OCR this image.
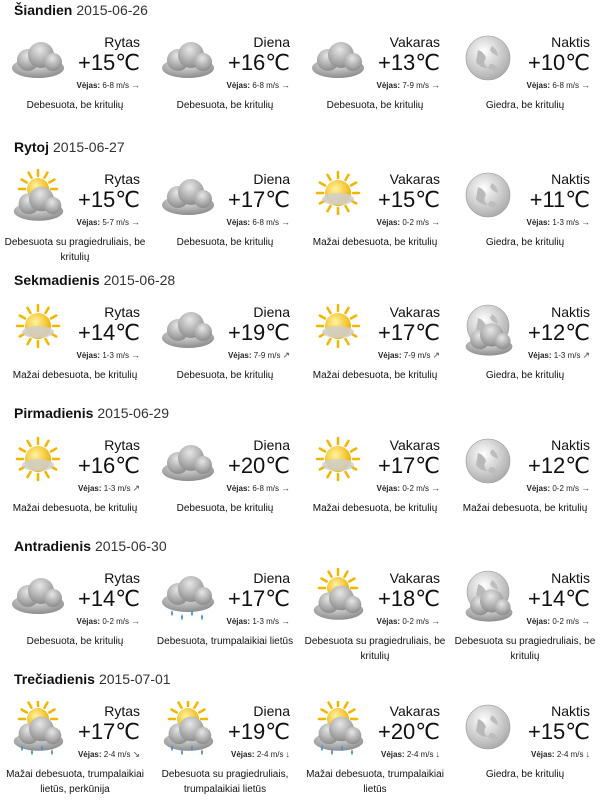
Šiandien 2015-06-26
Rytas
+15℃
Vėjas: 6-8 m/s →
Debesuota, be kritulių
Diena
+16℃
Vėjas: 6-8 m/s →
Debesuota, be kritulių
Vakaras
+13℃
Vėjas: 7-9 m/s →
Debesuota, be kritulių
Naktis
+10℃
Vėjas: 6-8 m/s →
Giedra, be kritulių
Rytoj 2015-06-27
Rytas
+15℃
Vėjas: 5-7 m/s →
Debesuota su pragiedruliais, be kritulių
Diena
+17℃
Vėjas: 6-8 m/s →
Debesuota, be kritulių
Vakaras
+15℃
Vėjas: 0-2 m/s →
Mažai debesuota, be kritulių
Naktis
+11℃
Vėjas: 1-3 m/s →
Giedra, be kritulių
Sekmadienis 2015-06-28
Rytas
+14℃
Vėjas: 1-3 m/s →
Mažai debesuota, be kritulių
Diena
+19℃
Vėjas: 7-9 m/s ↗
Debesuota, be kritulių
Vakaras
+17℃
Vėjas: 7-9 m/s ↗
Mažai debesuota, be kritulių
Naktis
+12℃
Vėjas: 1-3 m/s ↗
Giedra, be kritulių
Pirmadienis 2015-06-29
Rytas
+16℃
Vėjas: 1-3 m/s ↗
Mažai debesuota, be kritulių
Diena
+20℃
Vėjas: 6-8 m/s →
Debesuota, be kritulių
Vakaras
+17℃
Vėjas: 0-2 m/s →
Mažai debesuota, be kritulių
Naktis
+12℃
Vėjas: 0-2 m/s →
Mažai debesuota, be kritulių
Antradienis 2015-06-30
Rytas
+14℃
Vėjas: 0-2 m/s →
Debesuota, be kritulių
Diena
+17℃
Vėjas: 1-3 m/s →
Debesuota, trumpalaikiai lietūs
Vakaras
+18℃
Vėjas: 0-2 m/s →
Debesuota su pragiedruliais, be kritulių
Naktis
+14℃
Vėjas: 0-2 m/s →
Debesuota su pragiedruliais, be kritulių
Trečiadienis 2015-07-01
Rytas
+17℃
Vėjas: 2-4 m/s ↘
Mažai debesuota, trumpalaikiai lietūs, perkūnija
Diena
+19℃
Vėjas: 2-4 m/s ↓
Debesuota su pragiedruliais, trumpalaikiai lietūs
Vakaras
+20℃
Vėjas: 2-4 m/s ↓
Mažai debesuota, trumpalaikiai lietūs
Naktis
+15℃
Vėjas: 2-4 m/s ↓
Giedra, be kritulių
